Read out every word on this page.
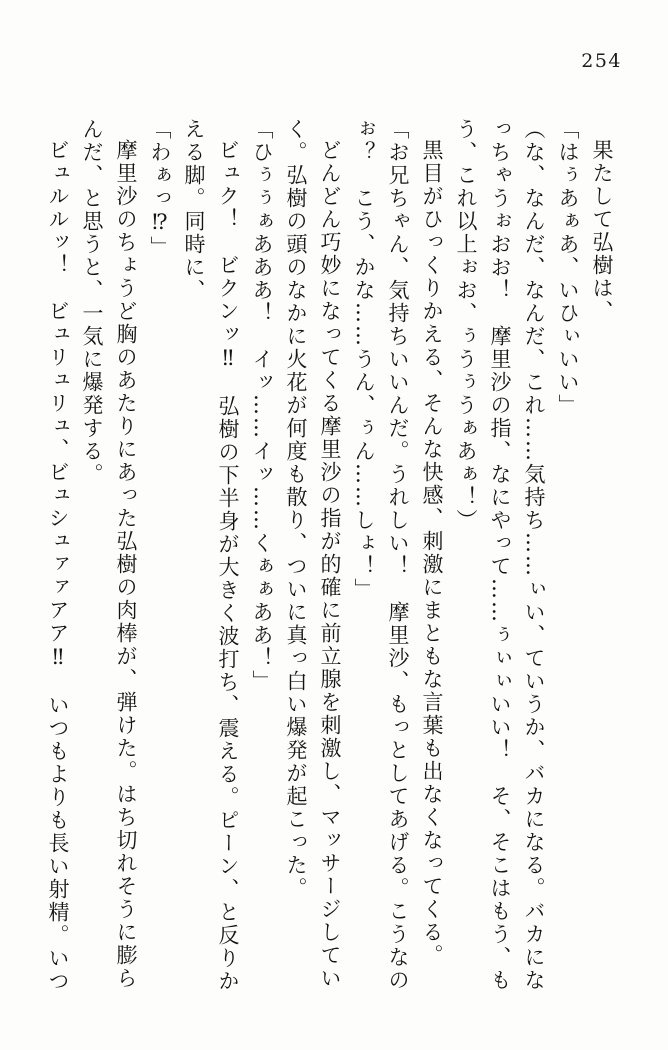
254

果たして弘樹は、

「はぅあぁあ、いひぃいい」

（な、なんだ、なんだ、これ……気持ち……ぃい、ていうか、バカになる。バカになっちゃうぉおお！　摩里沙の指、なにやって……ぅぃぃいい！　そ、そこはもう、もう、これ以上ぉお、ぅうぅうぁあぁ！）

黒目がひっくりかえる、そんな快感、刺激にまともな言葉も出なくなってくる。

「お兄ちゃん、気持ちいいんだ。うれしい！　摩里沙、もっとしてあげる。こうなのぉ？　こう、かな……うん、ぅん……しょ！」

どんどん巧妙になってくる摩里沙の指が的確に前立腺を刺激し、マッサージしていく。弘樹の頭のなかに火花が何度も散り、ついに真っ白い爆発が起こった。

「ひぅぅぁあああ！　イッ……イッ……くぁぁああ！」

ビュク！　ビクンッ‼　弘樹の下半身が大きく波打ち、震える。ピーン、と反りかえる脚。同時に、

「わぁっ⁉」

摩里沙のちょうど胸のあたりにあった弘樹の肉棒が、弾けた。はち切れそうに膨らんだ、と思うと、一気に爆発する。

ビュルルッ！　ビュリュリュ、ビュシュァァアア‼　いつもよりも長い射精。いつ
